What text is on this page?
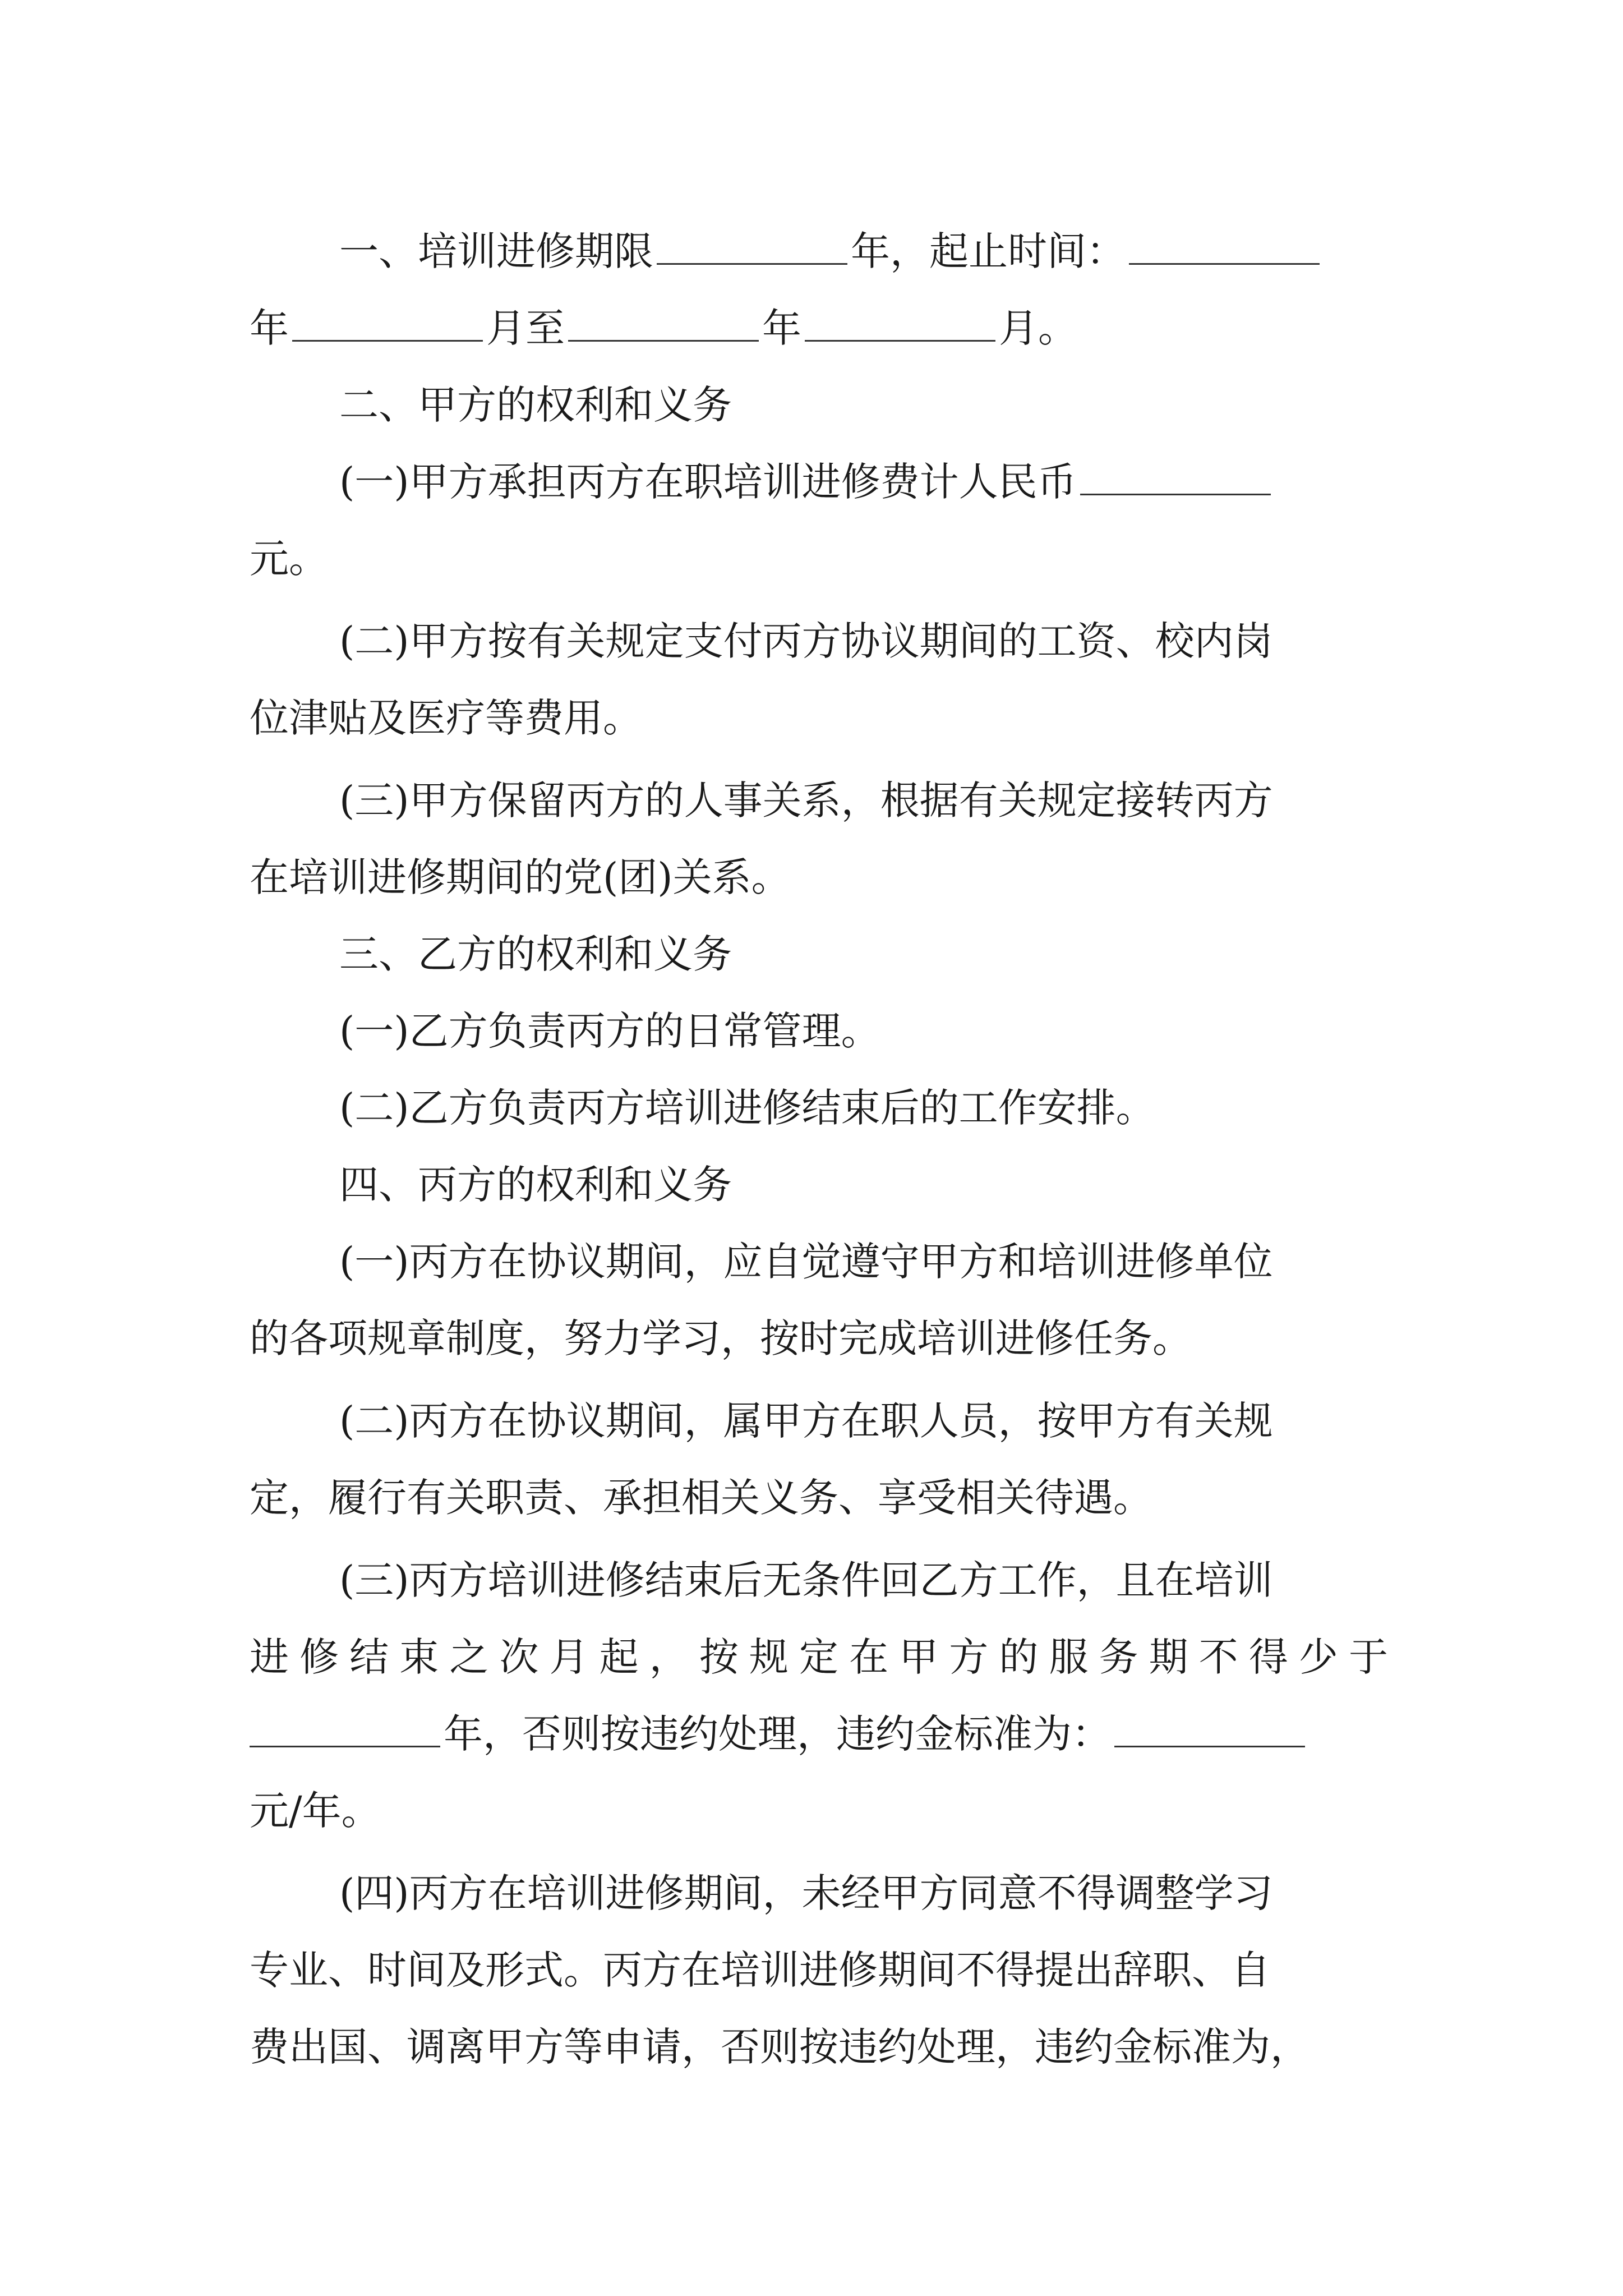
一、培训进修期限	年，起止时间：
年	月至	年	月。
二、甲方的权利和义务
(一)甲方承担丙方在职培训进修费计人民币
元。
(二)甲方按有关规定支付丙方协议期间的工资、校内岗
位津贴及医疗等费用。
(三)甲方保留丙方的人事关系，根据有关规定接转丙方
在培训进修期间的党(团)关系。
三、乙方的权利和义务
(一)乙方负责丙方的日常管理。
(二)乙方负责丙方培训进修结束后的工作安排。
四、丙方的权利和义务
(一)丙方在协议期间，应自觉遵守甲方和培训进修单位
的各项规章制度，努力学习，按时完成培训进修任务。
(二)丙方在协议期间，属甲方在职人员，按甲方有关规
定，履行有关职责、承担相关义务、享受相关待遇。
(三)丙方培训进修结束后无条件回乙方工作，且在培训
进修结束之次月起，按规定在甲方的服务期不得少于
年，否则按违约处理，违约金标准为：
元/年。
(四)丙方在培训进修期间，未经甲方同意不得调整学习
专业、时间及形式。丙方在培训进修期间不得提出辞职、自
费出国、调离甲方等申请，否则按违约处理，违约金标准为，
